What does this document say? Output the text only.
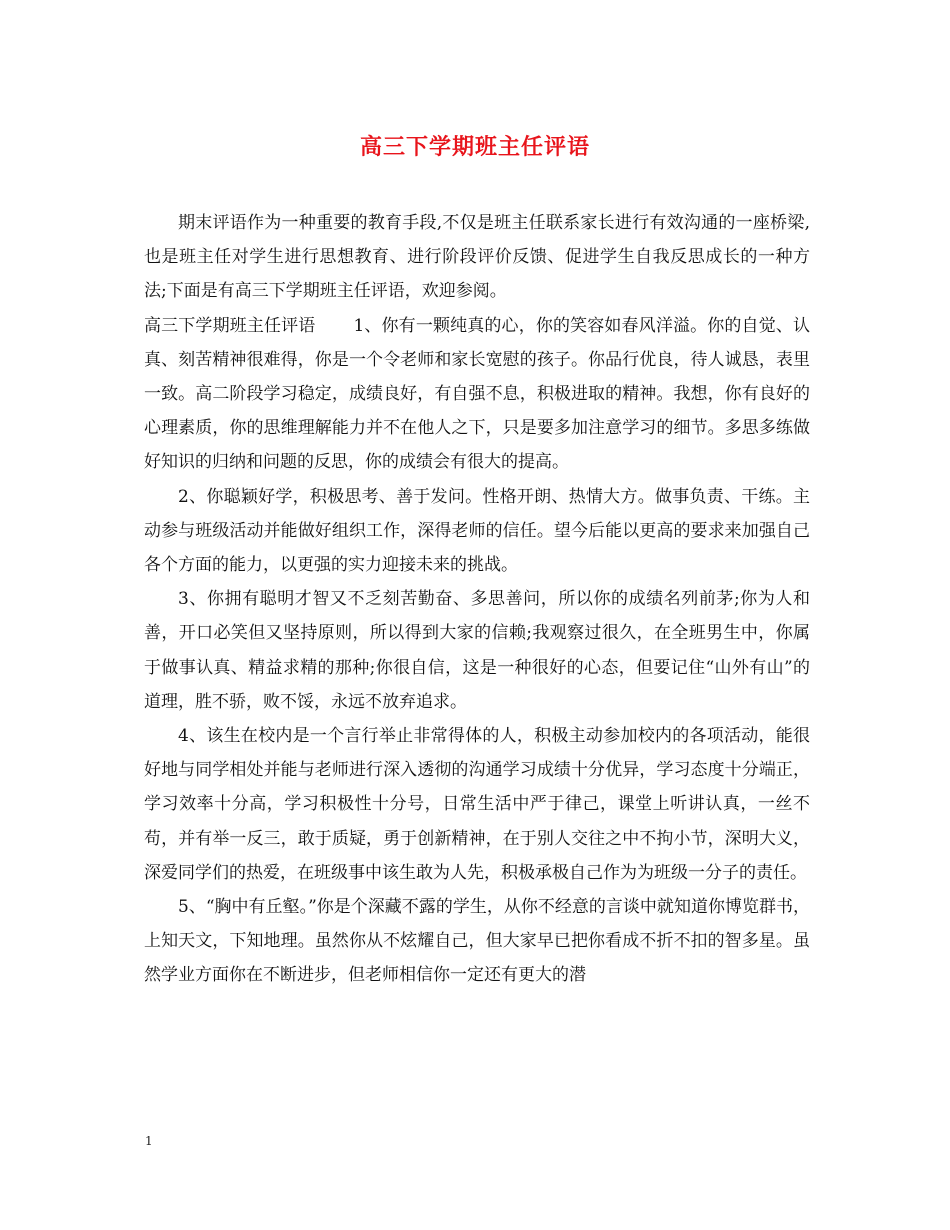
高三下学期班主任评语

期末评语作为一种重要的教育手段,不仅是班主任联系家长进行有效沟通的一座桥梁,也是班主任对学生进行思想教育、进行阶段评价反馈、促进学生自我反思成长的一种方法;下面是有高三下学期班主任评语，欢迎参阅。

高三下学期班主任评语 1、你有一颗纯真的心，你的笑容如春风洋溢。你的自觉、认真、刻苦精神很难得，你是一个令老师和家长宽慰的孩子。你品行优良，待人诚恳，表里一致。高二阶段学习稳定，成绩良好，有自强不息，积极进取的精神。我想，你有良好的心理素质，你的思维理解能力并不在他人之下，只是要多加注意学习的细节。多思多练做好知识的归纳和问题的反思，你的成绩会有很大的提高。

2、你聪颖好学，积极思考、善于发问。性格开朗、热情大方。做事负责、干练。主动参与班级活动并能做好组织工作，深得老师的信任。望今后能以更高的要求来加强自己各个方面的能力，以更强的实力迎接未来的挑战。

3、你拥有聪明才智又不乏刻苦勤奋、多思善问，所以你的成绩名列前茅;你为人和善，开口必笑但又坚持原则，所以得到大家的信赖;我观察过很久，在全班男生中，你属于做事认真、精益求精的那种;你很自信，这是一种很好的心态，但要记住“山外有山”的道理，胜不骄，败不馁，永远不放弃追求。

4、该生在校内是一个言行举止非常得体的人，积极主动参加校内的各项活动，能很好地与同学相处并能与老师进行深入透彻的沟通学习成绩十分优异，学习态度十分端正，学习效率十分高，学习积极性十分号，日常生活中严于律己，课堂上听讲认真，一丝不苟，并有举一反三，敢于质疑，勇于创新精神，在于别人交往之中不拘小节，深明大义，深爱同学们的热爱，在班级事中该生敢为人先，积极承极自己作为为班级一分子的责任。

5、“胸中有丘壑。”你是个深藏不露的学生，从你不经意的言谈中就知道你博览群书，上知天文，下知地理。虽然你从不炫耀自己，但大家早已把你看成不折不扣的智多星。虽然学业方面你在不断进步，但老师相信你一定还有更大的潜

1
